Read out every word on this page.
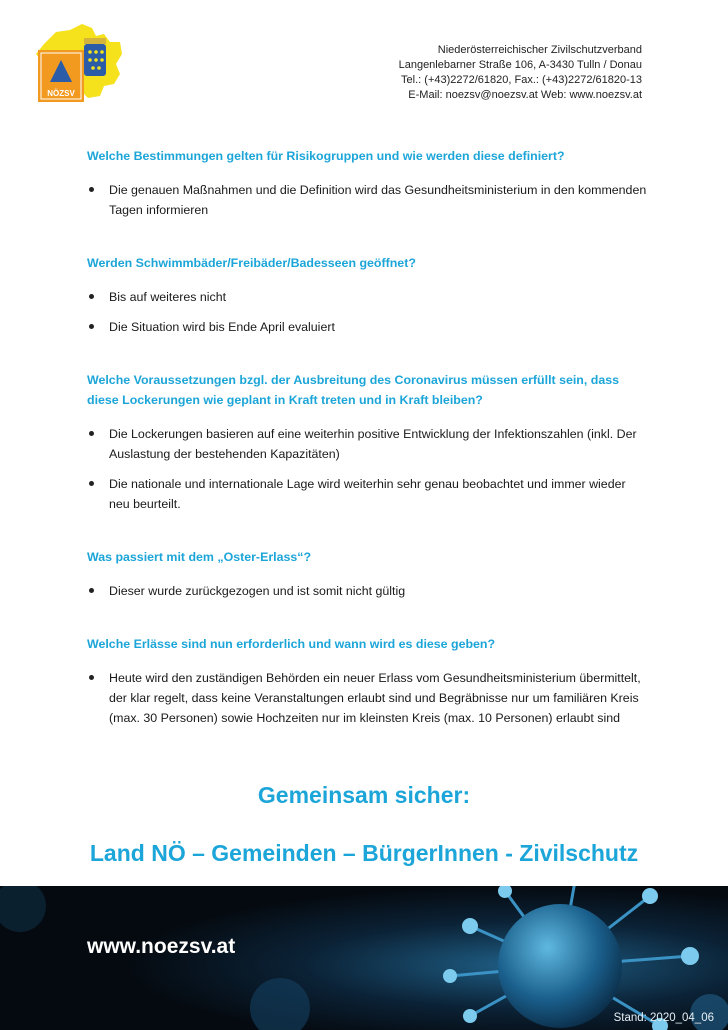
NÖZSV
Niederösterreichischer Zivilschutzverband
Langenlebarner Straße 106, A-3430 Tulln / Donau
Tel.: (+43)2272/61820, Fax.: (+43)2272/61820-13
E-Mail: noezsv@noezsv.at Web: www.noezsv.at
Welche Bestimmungen gelten für Risikogruppen und wie werden diese definiert?
Die genauen Maßnahmen und die Definition wird das Gesundheitsministerium in den kommenden Tagen informieren
Werden Schwimmbäder/Freibäder/Badesseen geöffnet?
Bis auf weiteres nicht
Die Situation wird bis Ende April evaluiert
Welche Voraussetzungen bzgl. der Ausbreitung des Coronavirus müssen erfüllt sein, dass diese Lockerungen wie geplant in Kraft treten und in Kraft bleiben?
Die Lockerungen basieren auf eine weiterhin positive Entwicklung der Infektionszahlen (inkl. Der Auslastung der bestehenden Kapazitäten)
Die nationale und internationale Lage wird weiterhin sehr genau beobachtet und immer wieder neu beurteilt.
Was passiert mit dem „Oster-Erlass“?
Dieser wurde zurückgezogen und ist somit nicht gültig
Welche Erlässe sind nun erforderlich und wann wird es diese geben?
Heute wird den zuständigen Behörden ein neuer Erlass vom Gesundheitsministerium übermittelt, der klar regelt, dass keine Veranstaltungen erlaubt sind und Begräbnisse nur um familiären Kreis (max. 30 Personen) sowie Hochzeiten nur im kleinsten Kreis (max. 10 Personen) erlaubt sind
Gemeinsam sicher:
Land NÖ – Gemeinden – BürgerInnen - Zivilschutz
www.noezsv.at
Stand: 2020_04_06
